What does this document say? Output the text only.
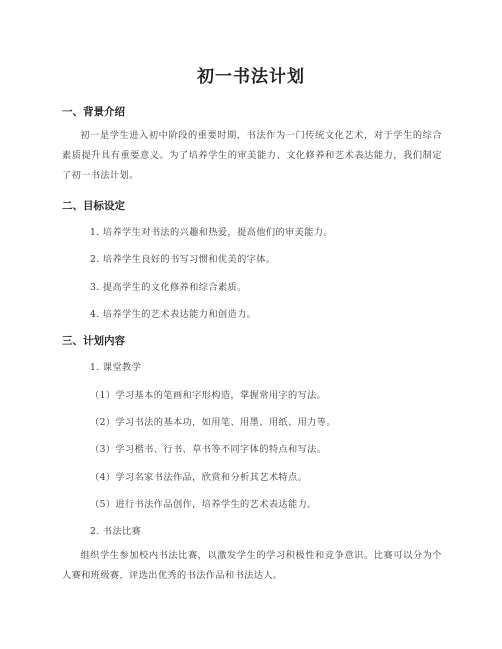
初一书法计划
一、背景介绍
初一是学生进入初中阶段的重要时期，书法作为一门传统文化艺术，对于学生的综合素质提升具有重要意义。为了培养学生的审美能力、文化修养和艺术表达能力，我们制定了初一书法计划。
二、目标设定
1. 培养学生对书法的兴趣和热爱，提高他们的审美能力。
2. 培养学生良好的书写习惯和优美的字体。
3. 提高学生的文化修养和综合素质。
4. 培养学生的艺术表达能力和创造力。
三、计划内容
1. 课堂教学
（1）学习基本的笔画和字形构造，掌握常用字的写法。
（2）学习书法的基本功，如用笔、用墨、用纸、用力等。
（3）学习楷书、行书、草书等不同字体的特点和写法。
（4）学习名家书法作品，欣赏和分析其艺术特点。
（5）进行书法作品创作，培养学生的艺术表达能力。
2. 书法比赛
组织学生参加校内书法比赛，以激发学生的学习积极性和竞争意识。比赛可以分为个人赛和班级赛，评选出优秀的书法作品和书法达人。
